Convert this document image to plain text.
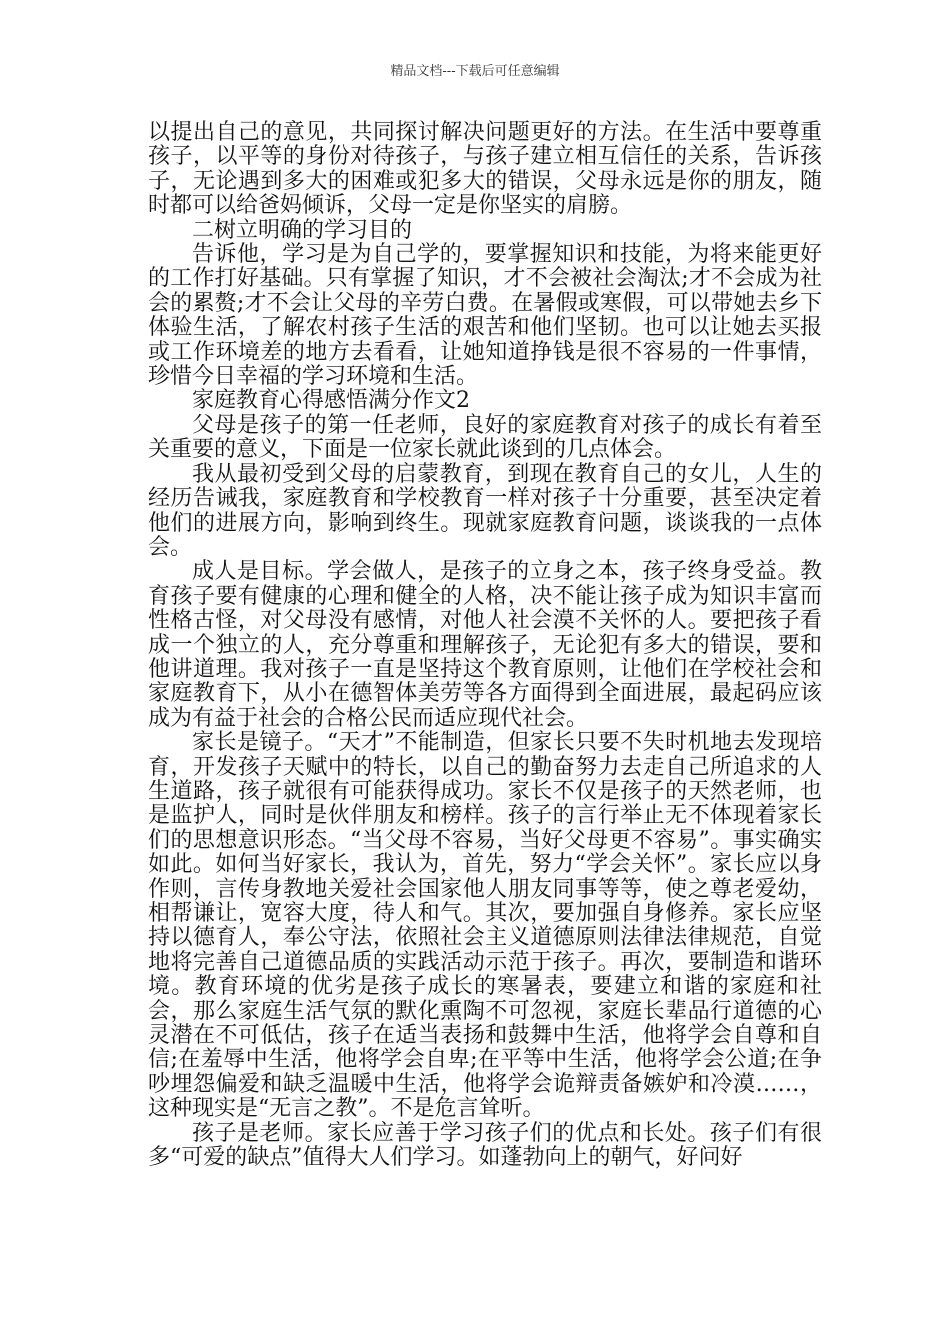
精品文档---下载后可任意编辑

以提出自己的意见，共同探讨解决问题更好的方法。在生活中要尊重孩子，以平等的身份对待孩子，与孩子建立相互信任的关系，告诉孩子，无论遇到多大的困难或犯多大的错误，父母永远是你的朋友，随时都可以给爸妈倾诉，父母一定是你坚实的肩膀。

二树立明确的学习目的

告诉他，学习是为自己学的，要掌握知识和技能，为将来能更好的工作打好基础。只有掌握了知识，才不会被社会淘汰;才不会成为社会的累赘;才不会让父母的辛劳白费。在暑假或寒假，可以带她去乡下体验生活，了解农村孩子生活的艰苦和他们坚韧。也可以让她去买报或工作环境差的地方去看看，让她知道挣钱是很不容易的一件事情，珍惜今日幸福的学习环境和生活。

家庭教育心得感悟满分作文2

父母是孩子的第一任老师，良好的家庭教育对孩子的成长有着至关重要的意义，下面是一位家长就此谈到的几点体会。

我从最初受到父母的启蒙教育，到现在教育自己的女儿，人生的经历告诫我，家庭教育和学校教育一样对孩子十分重要，甚至决定着他们的进展方向，影响到终生。现就家庭教育问题，谈谈我的一点体会。

成人是目标。学会做人，是孩子的立身之本，孩子终身受益。教育孩子要有健康的心理和健全的人格，决不能让孩子成为知识丰富而性格古怪，对父母没有感情，对他人社会漠不关怀的人。要把孩子看成一个独立的人，充分尊重和理解孩子，无论犯有多大的错误，要和他讲道理。我对孩子一直是坚持这个教育原则，让他们在学校社会和家庭教育下，从小在德智体美劳等各方面得到全面进展，最起码应该成为有益于社会的合格公民而适应现代社会。

家长是镜子。“天才”不能制造，但家长只要不失时机地去发现培育，开发孩子天赋中的特长，以自己的勤奋努力去走自己所追求的人生道路，孩子就很有可能获得成功。家长不仅是孩子的天然老师，也是监护人，同时是伙伴朋友和榜样。孩子的言行举止无不体现着家长们的思想意识形态。“当父母不容易，当好父母更不容易”。事实确实如此。如何当好家长，我认为，首先，努力“学会关怀”。家长应以身作则，言传身教地关爱社会国家他人朋友同事等等，使之尊老爱幼，相帮谦让，宽容大度，待人和气。其次，要加强自身修养。家长应坚持以德育人，奉公守法，依照社会主义道德原则法律法律规范，自觉地将完善自己道德品质的实践活动示范于孩子。再次，要制造和谐环境。教育环境的优劣是孩子成长的寒暑表，要建立和谐的家庭和社会，那么家庭生活气氛的默化熏陶不可忽视，家庭长辈品行道德的心灵潜在不可低估，孩子在适当表扬和鼓舞中生活，他将学会自尊和自信;在羞辱中生活，他将学会自卑;在平等中生活，他将学会公道;在争吵埋怨偏爱和缺乏温暖中生活，他将学会诡辩责备嫉妒和冷漠……，这种现实是“无言之教”。不是危言耸听。

孩子是老师。家长应善于学习孩子们的优点和长处。孩子们有很多“可爱的缺点”值得大人们学习。如蓬勃向上的朝气，好问好
